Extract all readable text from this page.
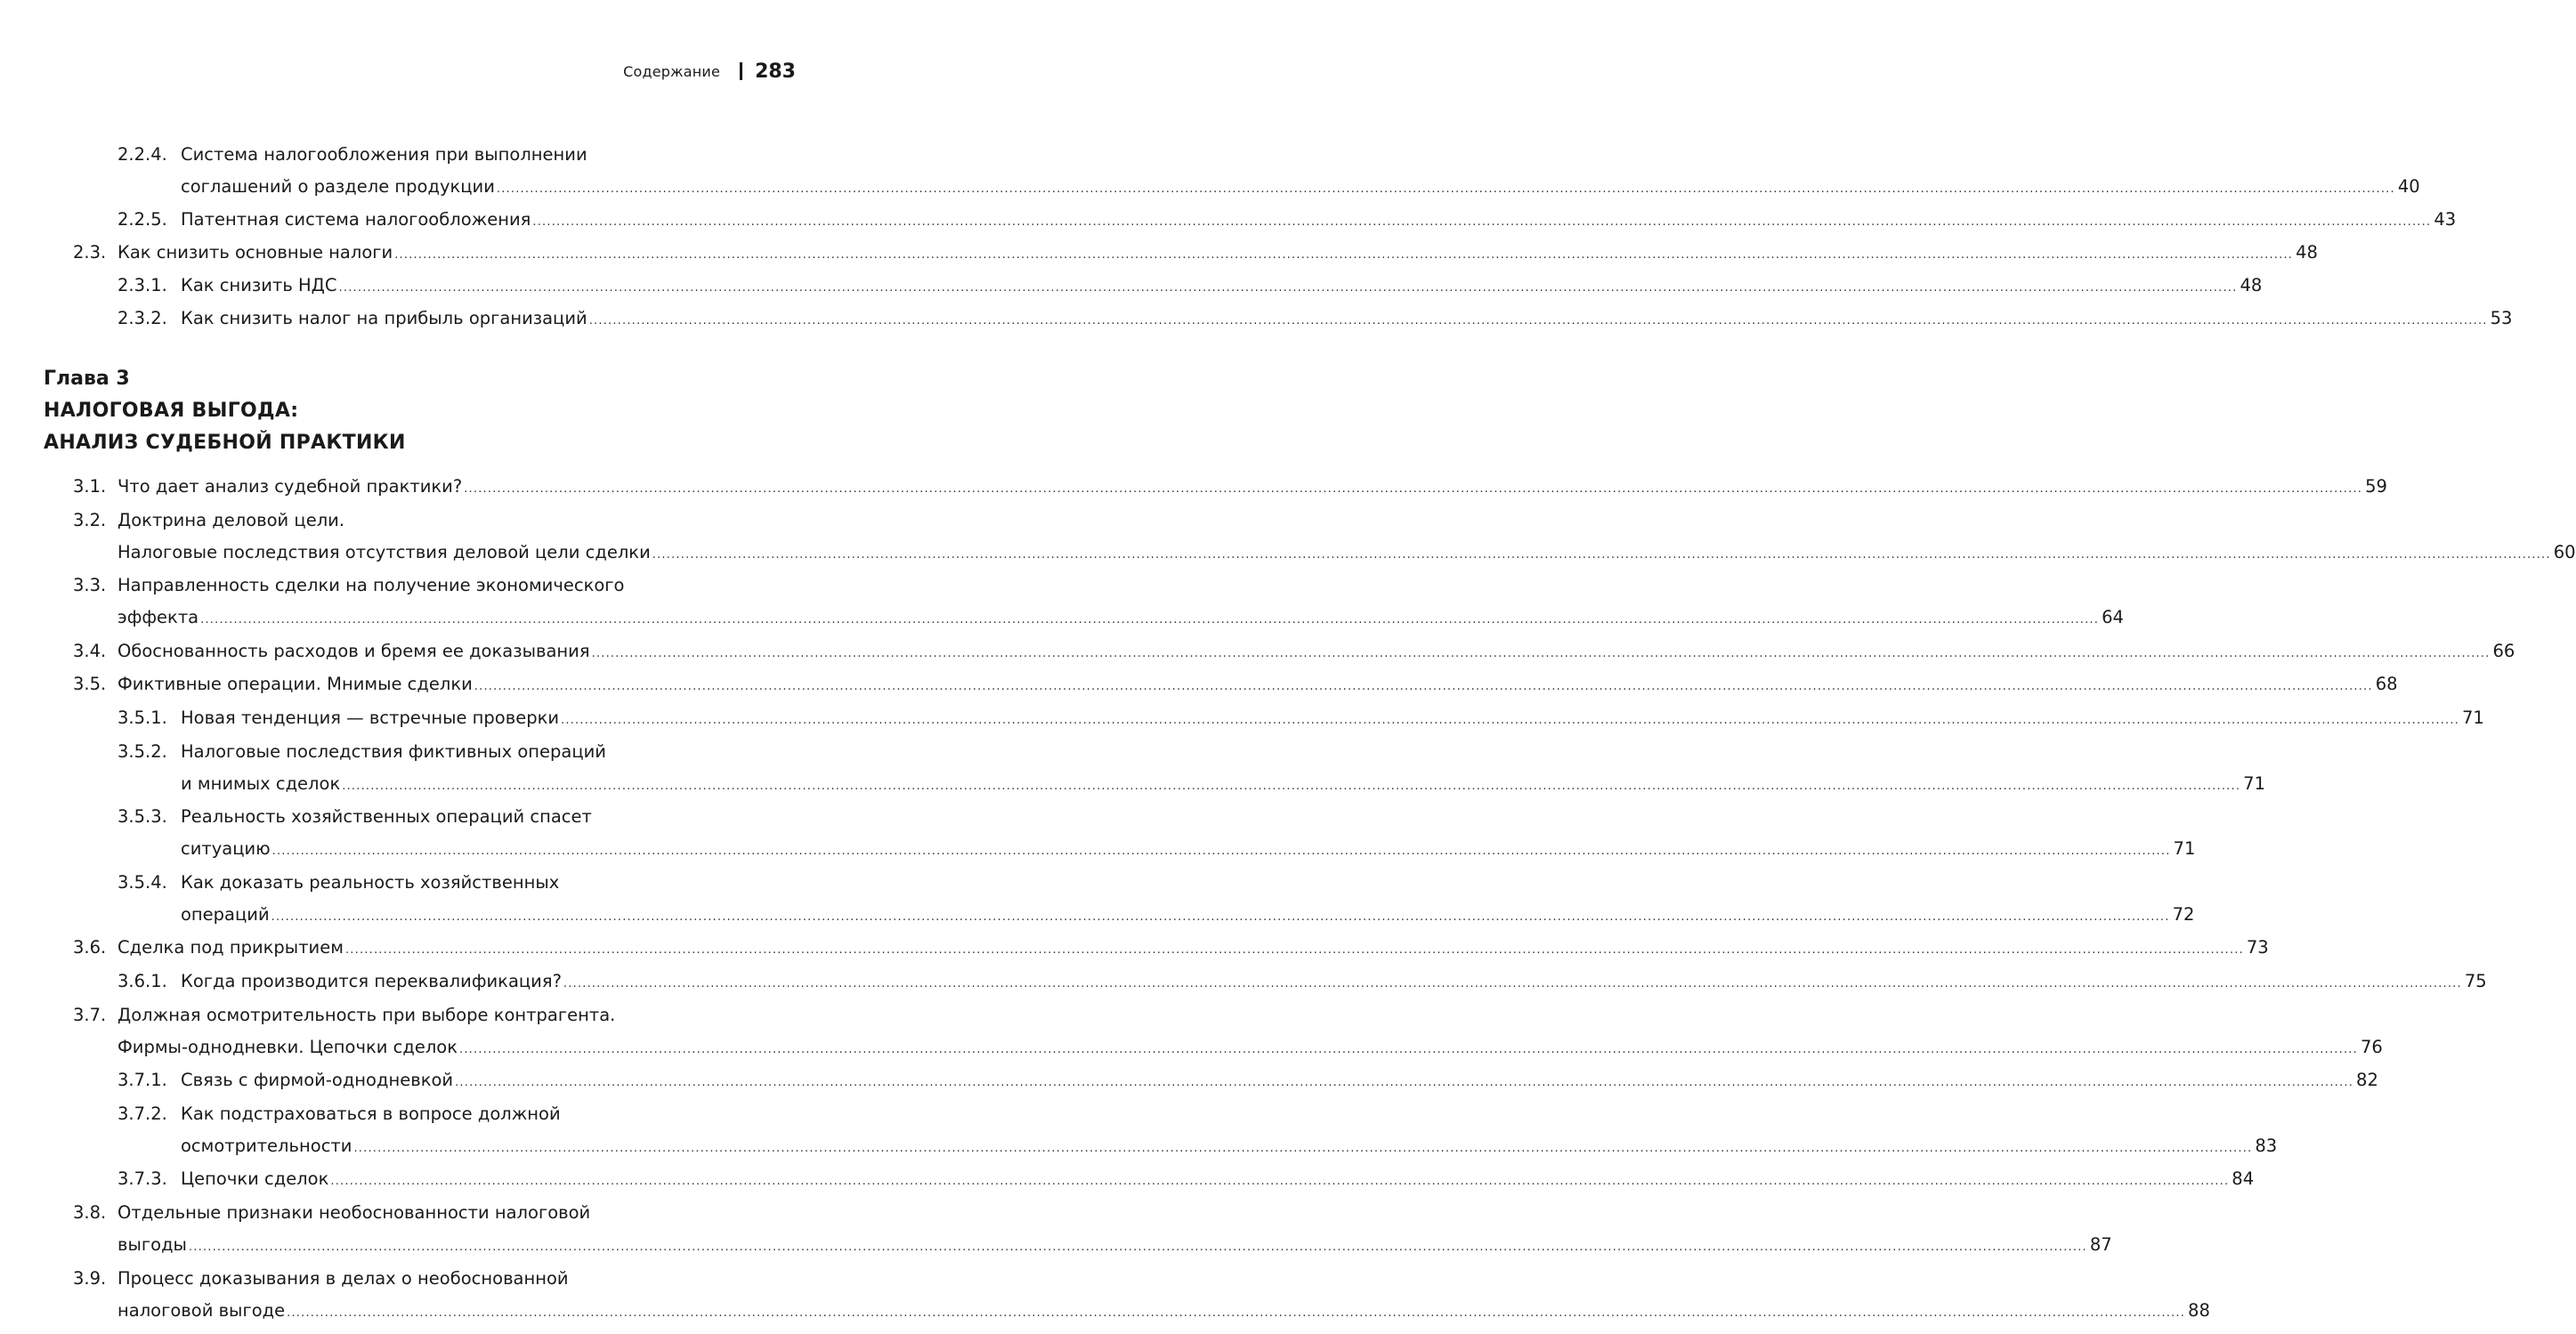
Содержание 283
Глава 3
НАЛОГОВАЯ ВЫГОДА:
АНАЛИЗ СУДЕБНОЙ ПРАКТИКИ
2.2.4. Система налогообложения при выполнении
соглашений о разделе продукции ................................................................................................................................................................................................................................................................................................................................................................................................................ 40
2.2.5. Патентная система налогообложения ................................................................................................................................................................................................................................................................................................................................................................................................................ 43
2.3. Как снизить основные налоги ................................................................................................................................................................................................................................................................................................................................................................................................................ 48
2.3.1. Как снизить НДС ................................................................................................................................................................................................................................................................................................................................................................................................................ 48
2.3.2. Как снизить налог на прибыль организаций ................................................................................................................................................................................................................................................................................................................................................................................................................ 53
3.1. Что дает анализ судебной практики? ................................................................................................................................................................................................................................................................................................................................................................................................................ 59
3.2. Доктрина деловой цели.
Налоговые последствия отсутствия деловой цели сделки ................................................................................................................................................................................................................................................................................................................................................................................................................ 60
3.3. Направленность сделки на получение экономического
эффекта ................................................................................................................................................................................................................................................................................................................................................................................................................ 64
3.4. Обоснованность расходов и бремя ее доказывания ................................................................................................................................................................................................................................................................................................................................................................................................................ 66
3.5. Фиктивные операции. Мнимые сделки ................................................................................................................................................................................................................................................................................................................................................................................................................ 68
3.5.1. Новая тенденция — встречные проверки ................................................................................................................................................................................................................................................................................................................................................................................................................ 71
3.5.2. Налоговые последствия фиктивных операций
и мнимых сделок ................................................................................................................................................................................................................................................................................................................................................................................................................ 71
3.5.3. Реальность хозяйственных операций спасет
ситуацию ................................................................................................................................................................................................................................................................................................................................................................................................................ 71
3.5.4. Как доказать реальность хозяйственных
операций ................................................................................................................................................................................................................................................................................................................................................................................................................ 72
3.6. Сделка под прикрытием ................................................................................................................................................................................................................................................................................................................................................................................................................ 73
3.6.1. Когда производится переквалификация? ................................................................................................................................................................................................................................................................................................................................................................................................................ 75
3.7. Должная осмотрительность при выборе контрагента.
Фирмы-однодневки. Цепочки сделок ................................................................................................................................................................................................................................................................................................................................................................................................................ 76
3.7.1. Связь с фирмой-однодневкой ................................................................................................................................................................................................................................................................................................................................................................................................................ 82
3.7.2. Как подстраховаться в вопросе должной
осмотрительности ................................................................................................................................................................................................................................................................................................................................................................................................................ 83
3.7.3. Цепочки сделок ................................................................................................................................................................................................................................................................................................................................................................................................................ 84
3.8. Отдельные признаки необоснованности налоговой
выгоды ................................................................................................................................................................................................................................................................................................................................................................................................................ 87
3.9. Процесс доказывания в делах о необоснованной
налоговой выгоде ................................................................................................................................................................................................................................................................................................................................................................................................................ 88
